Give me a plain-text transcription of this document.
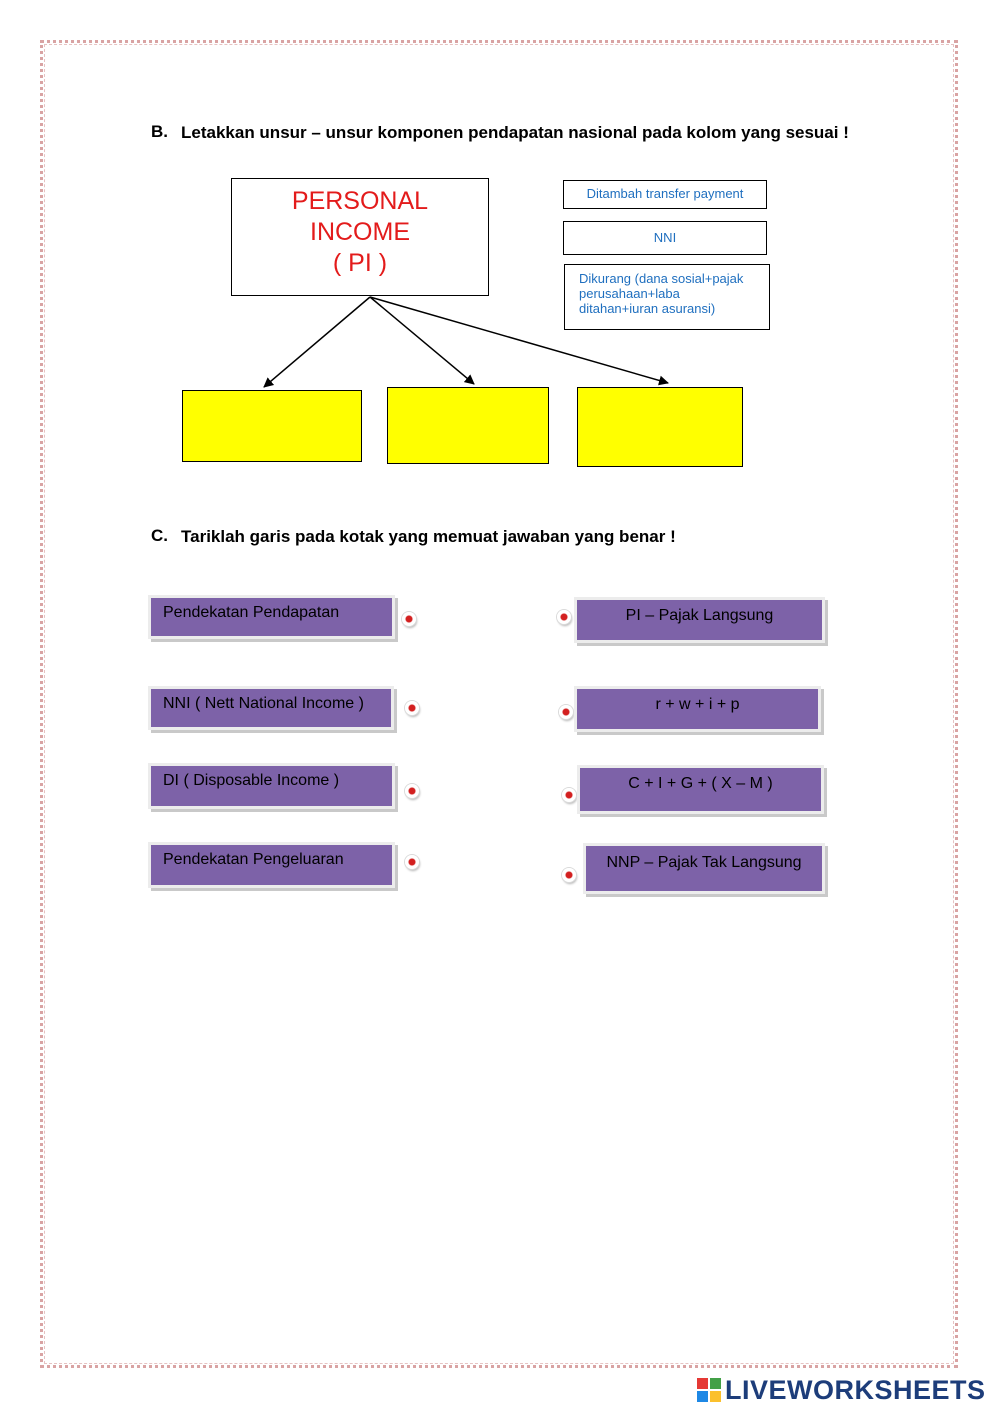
B. Letakkan unsur – unsur komponen pendapatan nasional pada kolom yang sesuai !
PERSONAL
INCOME
( PI )
Ditambah transfer payment
NNI
Dikurang (dana sosial+pajak perusahaan+laba ditahan+iuran asuransi)
C. Tariklah garis pada kotak yang memuat jawaban yang benar !
Pendekatan Pendapatan
NNI ( Nett National Income )
DI ( Disposable Income )
Pendekatan Pengeluaran
PI – Pajak Langsung
r + w + i + p
C + I + G + ( X – M )
NNP – Pajak Tak Langsung
LIVEWORKSHEETS
